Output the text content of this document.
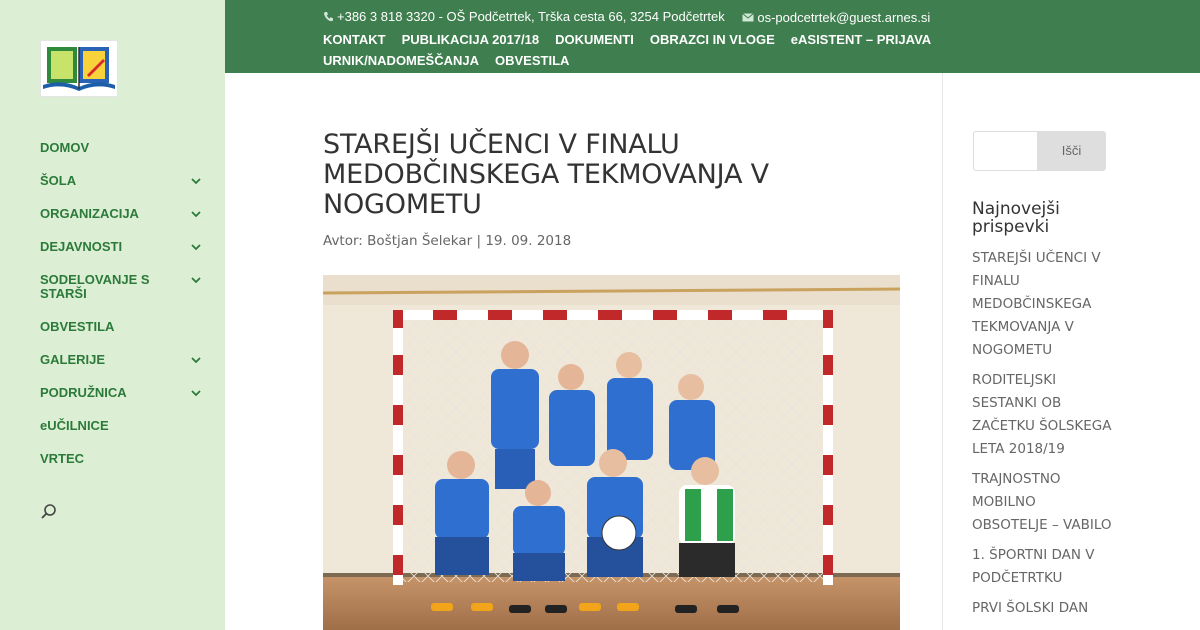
DOMOV
ŠOLA
ORGANIZACIJA
DEJAVNOSTI
SODELOVANJE S STARŠI
OBVESTILA
GALERIJE
PODRUŽNICA
eUČILNICE
VRTEC
+386 3 818 3320 - OŠ Podčetrtek, Trška cesta 66, 3254 Podčetrtek	os-podcetrtek@guest.arnes.si
KONTAKT PUBLIKACIJA 2017/18 DOKUMENTI OBRAZCI IN VLOGE eASISTENT – PRIJAVAURNIK/NADOMEŠČANJA OBVESTILA
STAREJŠI UČENCI V FINALU MEDOBČINSKEGA TEKMOVANJA V NOGOMETU
Avtor: Boštjan Šelekar | 19. 09. 2018
Išči
Najnovejši prispevki
STAREJŠI UČENCI V FINALU MEDOBČINSKEGA TEKMOVANJA V NOGOMETU
RODITELJSKI SESTANKI OB ZAČETKU ŠOLSKEGA LETA 2018/19
TRAJNOSTNO MOBILNO OBSOTELJE – VABILO
1. ŠPORTNI DAN V PODČETRTKU
PRVI ŠOLSKI DAN
